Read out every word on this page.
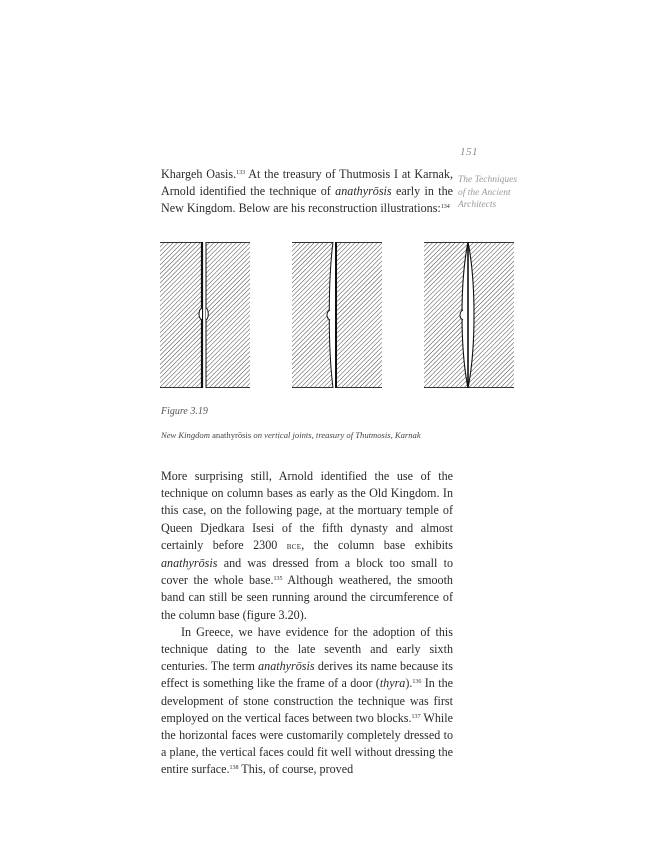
151
The Techniques
of the Ancient
Architects

Khargeh Oasis.$^{133}$ At the treasury of Thutmosis I at Karnak, Arnold identified the technique of anathyrōsis early in the New Kingdom. Below are his reconstruction illustrations:$^{134}$

Figure 3.19
New Kingdom anathyrōsis on vertical joints, treasury of Thutmosis, Karnak
More surprising still, Arnold identified the use of the technique on column bases as early as the Old Kingdom. In this case, on the following page, at the mortuary temple of Queen Djedkara Isesi of the fifth dynasty and almost certainly before 2300 bce, the column base exhibits anathyrōsis and was dressed from a block too small to cover the whole base.$^{135}$ Although weathered, the smooth band can still be seen running around the circumference of the column base (figure 3.20).
In Greece, we have evidence for the adoption of this technique dating to the late seventh and early sixth centuries. The term anathyrōsis derives its name because its effect is something like the frame of a door (thyra).$^{136}$ In the development of stone construction the technique was first employed on the vertical faces between two blocks.$^{137}$ While the horizontal faces were customarily completely dressed to a plane, the vertical faces could fit well without dressing the entire surface.$^{138}$ This, of course, proved
